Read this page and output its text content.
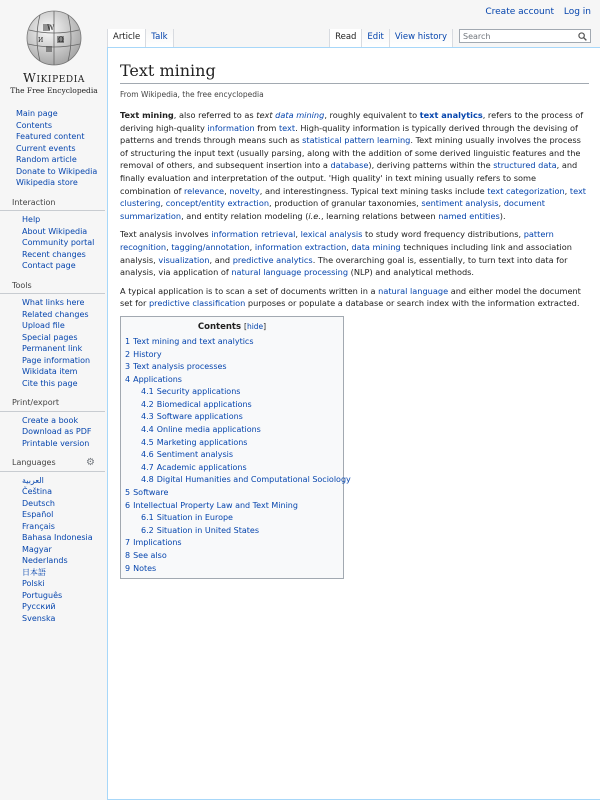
Create account Log in
W
Ω
И
Wikipedia
The Free Encyclopedia
Article	Talk	Read	Edit	View history	Search
Main page
Contents
Featured content
Current events
Random article
Donate to Wikipedia
Wikipedia store
Interaction
Help
About Wikipedia
Community portal
Recent changes
Contact page
Tools
What links here
Related changes
Upload file
Special pages
Permanent link
Page information
Wikidata item
Cite this page
Print/export
Create a book
Download as PDF
Printable version
Languages	⚙
العربية
Čeština
Deutsch
Español
Français
Bahasa Indonesia
Magyar
Nederlands
日本語
Polski
Português
Русский
Svenska
Text mining
From Wikipedia, the free encyclopedia

Text mining, also referred to as text data mining, roughly equivalent to text analytics, refers to the process of deriving high-quality information from text. High-quality information is typically derived through the devising of patterns and trends through means such as statistical pattern learning. Text mining usually involves the process of structuring the input text (usually parsing, along with the addition of some derived linguistic features and the removal of others, and subsequent insertion into a database), deriving patterns within the structured data, and finally evaluation and interpretation of the output. 'High quality' in text mining usually refers to some combination of relevance, novelty, and interestingness. Typical text mining tasks include text categorization, text clustering, concept/entity extraction, production of granular taxonomies, sentiment analysis, document summarization, and entity relation modeling (i.e., learning relations between named entities).

Text analysis involves information retrieval, lexical analysis to study word frequency distributions, pattern recognition, tagging/annotation, information extraction, data mining techniques including link and association analysis, visualization, and predictive analytics. The overarching goal is, essentially, to turn text into data for analysis, via application of natural language processing (NLP) and analytical methods.

A typical application is to scan a set of documents written in a natural language and either model the document set for predictive classification purposes or populate a database or search index with the information extracted.

Contents [hide]
1 Text mining and text analytics
2 History
3 Text analysis processes
4 Applications
4.1 Security applications
4.2 Biomedical applications
4.3 Software applications
4.4 Online media applications
4.5 Marketing applications
4.6 Sentiment analysis
4.7 Academic applications
4.8 Digital Humanities and Computational Sociology
5 Software
6 Intellectual Property Law and Text Mining
6.1 Situation in Europe
6.2 Situation in United States
7 Implications
8 See also
9 Notes
